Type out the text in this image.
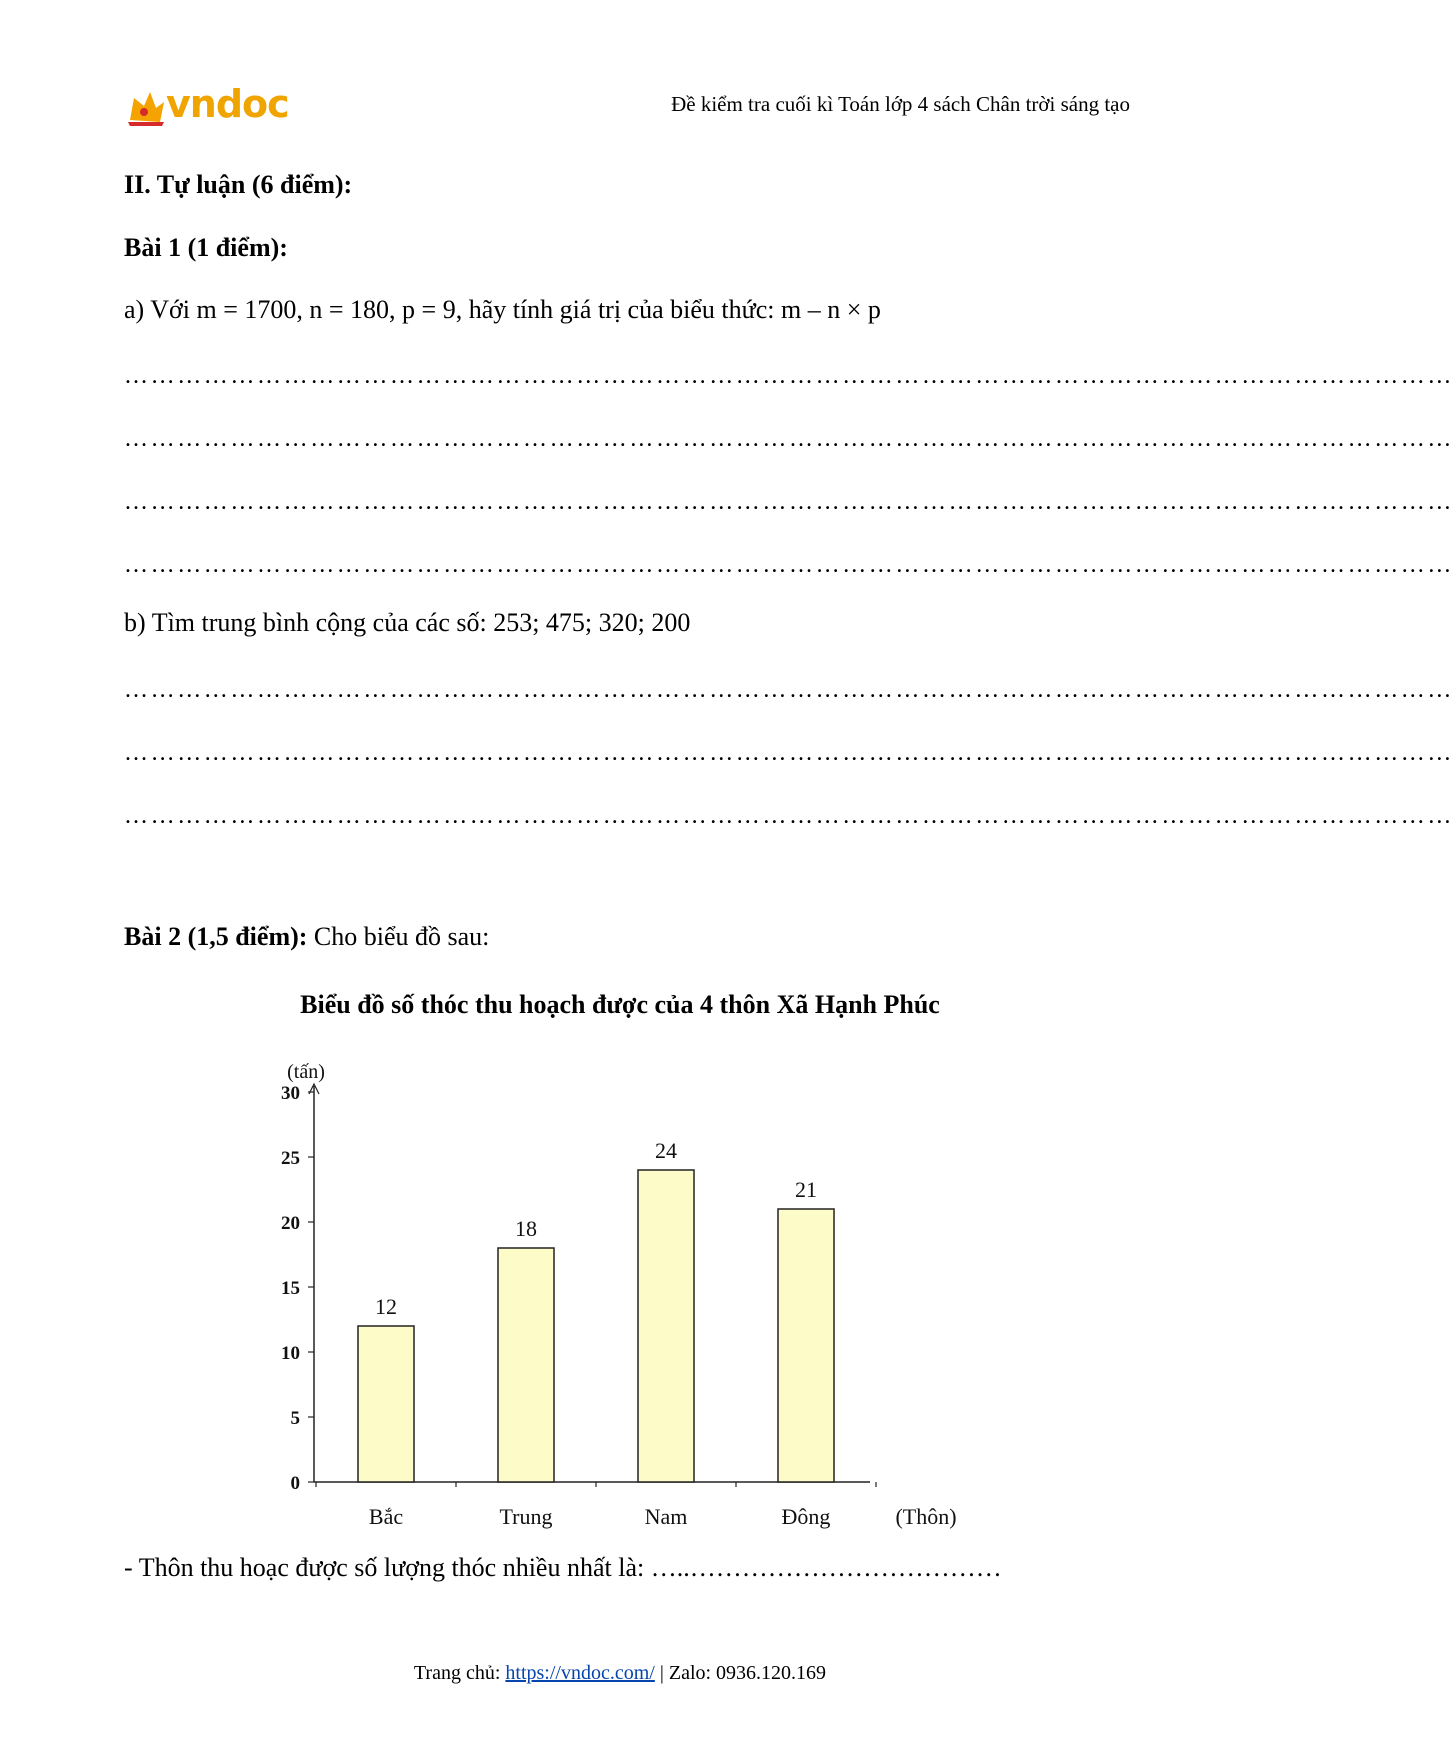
vndoc	Đề kiểm tra cuối kì Toán lớp 4 sách Chân trời sáng tạo
II. Tự luận (6 điểm):
Bài 1 (1 điểm):
a) Với m = 1700, n = 180, p = 9, hãy tính giá trị của biểu thức: m – n × p
……………………………………………………………………………………………………………………………………
……………………………………………………………………………………………………………………………………
……………………………………………………………………………………………………………………………………
……………………………………………………………………………………………………………………………………
b) Tìm trung bình cộng của các số: 253; 475; 320; 200
……………………………………………………………………………………………………………………………………
……………………………………………………………………………………………………………………………………
……………………………………………………………………………………………………………………………………
Bài 2 (1,5 điểm): Cho biểu đồ sau:
Biểu đồ số thóc thu hoạch được của 4 thôn Xã Hạnh Phúc
0
5
10
15
20
25
30
(tấn)
12
Bắc
18
Trung
24
Nam
21
Đông	(Thôn)
- Thôn thu hoạc được số lượng thóc nhiều nhất là: …..………………………………
Trang chủ: https://vndoc.com/ | Zalo: 0936.120.169
